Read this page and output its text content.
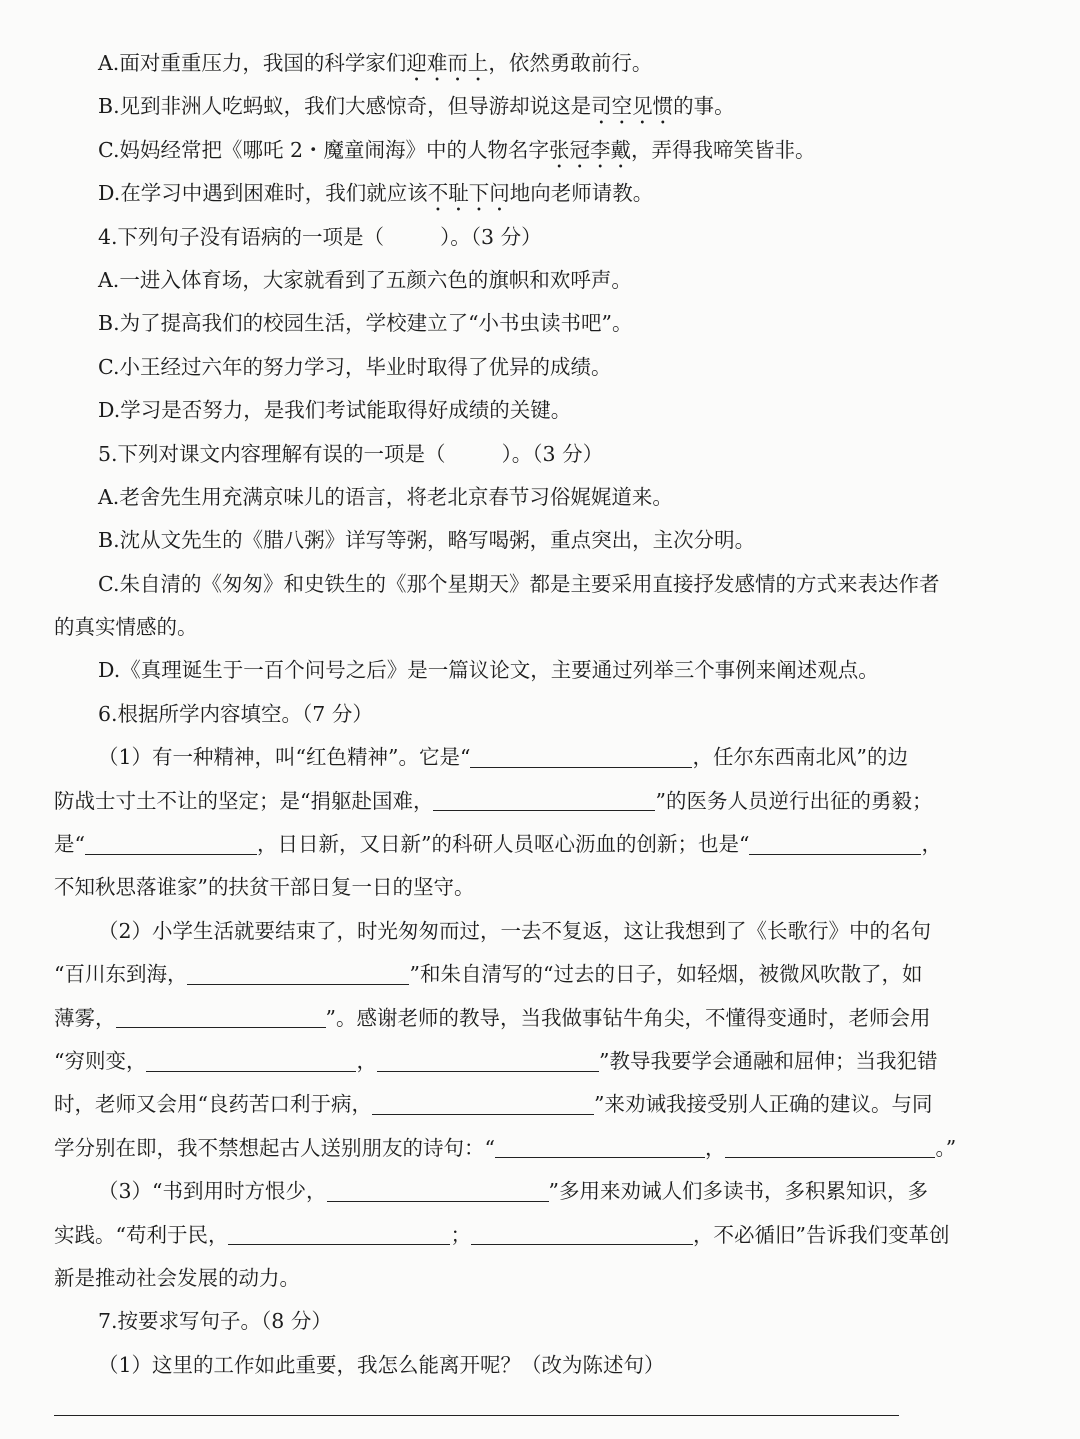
A.面对重重压力，我国的科学家们迎难而上，依然勇敢前行。
B.见到非洲人吃蚂蚁，我们大感惊奇，但导游却说这是司空见惯的事。
C.妈妈经常把《哪吒 2・魔童闹海》中的人物名字张冠李戴，弄得我啼笑皆非。
D.在学习中遇到困难时，我们就应该不耻下问地向老师请教。
4.下列句子没有语病的一项是（	）。（3 分）
A.一进入体育场，大家就看到了五颜六色的旗帜和欢呼声。
B.为了提高我们的校园生活，学校建立了“小书虫读书吧”。
C.小王经过六年的努力学习，毕业时取得了优异的成绩。
D.学习是否努力，是我们考试能取得好成绩的关键。
5.下列对课文内容理解有误的一项是（	）。（3 分）
A.老舍先生用充满京味儿的语言，将老北京春节习俗娓娓道来。
B.沈从文先生的《腊八粥》详写等粥，略写喝粥，重点突出，主次分明。
C.朱自清的《匆匆》和史铁生的《那个星期天》都是主要采用直接抒发感情的方式来表达作者
的真实情感的。
D.《真理诞生于一百个问号之后》是一篇议论文，主要通过列举三个事例来阐述观点。
6.根据所学内容填空。（7 分）
（1）有一种精神，叫“红色精神”。它是“	，任尔东西南北风”的边
防战士寸土不让的坚定；是“捐躯赴国难，	”的医务人员逆行出征的勇毅；
是“	，日日新，又日新”的科研人员呕心沥血的创新；也是“	，
不知秋思落谁家”的扶贫干部日复一日的坚守。
（2）小学生活就要结束了，时光匆匆而过，一去不复返，这让我想到了《长歌行》中的名句
“百川东到海，	”和朱自清写的“过去的日子，如轻烟，被微风吹散了，如
薄雾，	”。感谢老师的教导，当我做事钻牛角尖，不懂得变通时，老师会用
“穷则变，	，	”教导我要学会通融和屈伸；当我犯错
时，老师又会用“良药苦口利于病，	”来劝诫我接受别人正确的建议。与同
学分别在即，我不禁想起古人送别朋友的诗句：“	，	。”
（3）“书到用时方恨少，	”多用来劝诫人们多读书，多积累知识，多
实践。“苟利于民，	；	，不必循旧”告诉我们变革创
新是推动社会发展的动力。
7.按要求写句子。（8 分）
（1）这里的工作如此重要，我怎么能离开呢？（改为陈述句）
